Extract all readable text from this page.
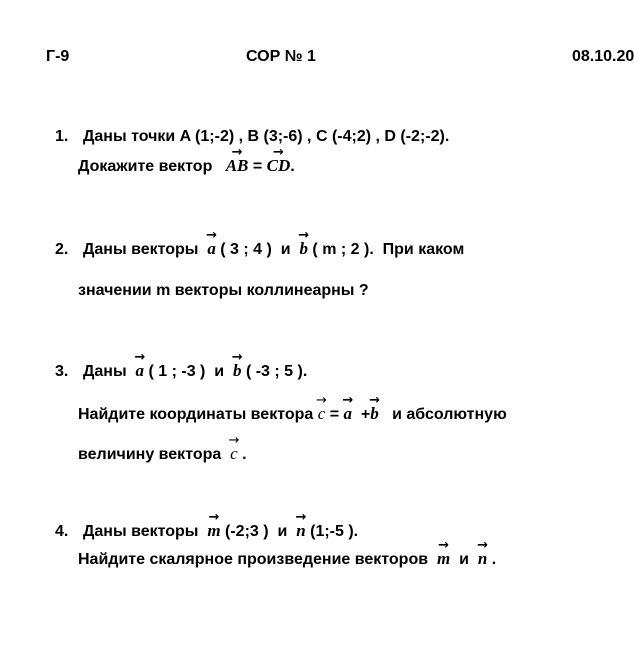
Г-9	СОР № 1	08.10.20
1. Даны точки A (1;-2) , B (3;-6) , C (-4;2) , D (-2;-2).
Докажите вектор
→
AB =
→
CD.
2. Даны векторы
→
a ( 3 ; 4 ) и
→
b ( m ; 2 ). При каком
значении m векторы коллинеарны ?
3. Даны
→
a ( 1 ; -3 ) и
→
b ( -3 ; 5 ).
Найдите координаты вектора
→
c =
→
a +
→
b и абсолютную
величину вектора
→
c .
4. Даны векторы
→
m (-2;3 ) и
→
n (1;-5 ).
Найдите скалярное произведение векторов
→
m и
→
n .
